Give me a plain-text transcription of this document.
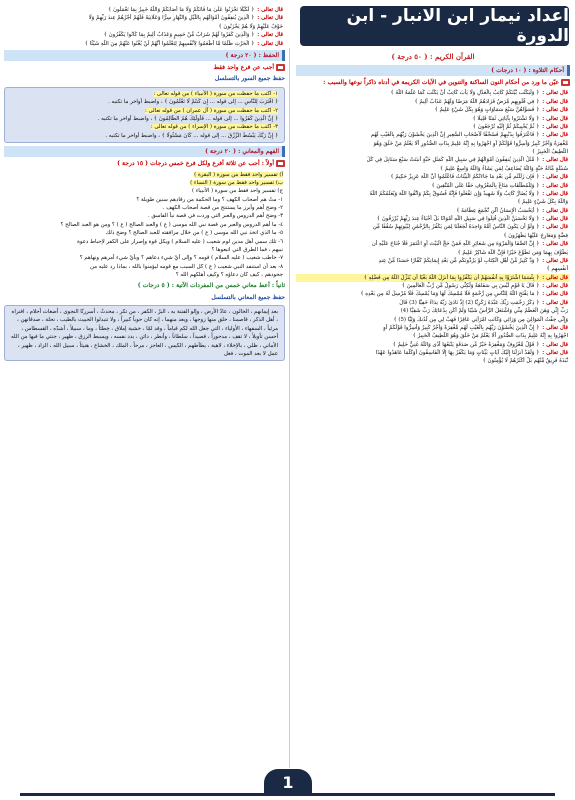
اعداد نيمار ابن الانبار - ابن الدورة
القرآن الكريم : ( ٥٠ درجة )
أحكام التلاوة : ( ١٠ درجات )
عيّن ما ورد من أحكام النون الساكنة والتنوين في الآيات الكريمة في أدناه ذاكراً نوعها والسبب :
قال تعالى :﴿ وَلَيَكْتُب بَّيْنَكُمْ كَاتِبٌ بِالْعَدْلِ وَلَا يَأْبَ كَاتِبٌ أَنْ يَكْتُبَ كَمَا عَلَّمَهُ اللَّهُ ﴾
قال تعالى :﴿ فِي قُلُوبِهِم مَّرَضٌ فَزَادَهُمُ اللَّهُ مَرَضًا وَلَهُمْ عَذَابٌ أَلِيمٌ ﴾
قال تعالى :﴿ فَسَوَّاهُنَّ سَبْعَ سَمَاوَاتٍ وَهُوَ بِكُلِّ شَيْءٍ عَلِيمٌ ﴾
قال تعالى :﴿ وَلَا تَشْتَرُوا بِآيَاتِي ثَمَنًا قَلِيلًا ﴾
قال تعالى :﴿ ثُمَّ يُحْيِيكُمْ ثُمَّ إِلَيْهِ تُرْجَعُونَ ﴾
قال تعالى :﴿ فَاعْتَرَفُوا بِذَنْبِهِمْ فَسُحْقًا لِّأَصْحَابِ السَّعِيرِ إِنَّ الَّذِينَ يَخْشَوْنَ رَبَّهُم بِالْغَيْبِ لَهُم
مَّغْفِرَةٌ وَأَجْرٌ كَبِيرٌ وَأَسِرُّوا قَوْلَكُمْ أَوِ اجْهَرُوا بِهِ إِنَّهُ عَلِيمٌ بِذَاتِ الصُّدُورِ أَلَا يَعْلَمُ مَنْ خَلَقَ وَهُوَ
اللَّطِيفُ الْخَبِيرُ ﴾
قال تعالى :﴿ مَّثَلُ الَّذِينَ يُنفِقُونَ أَمْوَالَهُمْ فِي سَبِيلِ اللَّهِ كَمَثَلِ حَبَّةٍ أَنبَتَتْ سَبْعَ سَنَابِلَ فِي كُلِّ
سُنبُلَةٍ مِّائَةُ حَبَّةٍ وَاللَّهُ يُضَاعِفُ لِمَن يَشَاءُ وَاللَّهُ وَاسِعٌ عَلِيمٌ ﴾
قال تعالى :﴿ فَإِن زَلَلْتُم مِّن بَعْدِ مَا جَاءَتْكُمُ الْبَيِّنَاتُ فَاعْلَمُوا أَنَّ اللَّهَ عَزِيزٌ حَكِيمٌ ﴾
قال تعالى :﴿ وَلِلْمُطَلَّقَاتِ مَتَاعٌ بِالْمَعْرُوفِ حَقًّا عَلَى الْمُتَّقِينَ ﴾
قال تعالى :﴿ وَلَا يُضَارَّ كَاتِبٌ وَلَا شَهِيدٌ وَإِن تَفْعَلُوا فَإِنَّهُ فُسُوقٌ بِكُمْ وَاتَّقُوا اللَّهَ وَيُعَلِّمُكُمُ اللَّهُ
وَاللَّهُ بِكُلِّ شَيْءٍ عَلِيمٌ ﴾
قال تعالى :﴿ أَيَحْسَبُ الْإِنسَانُ أَلَّن نَّجْمَعَ عِظَامَهُ ﴾
قال تعالى :﴿ وَلَا تَحْسَبَنَّ الَّذِينَ قُتِلُوا فِي سَبِيلِ اللَّهِ أَمْوَاتًا بَلْ أَحْيَاءٌ عِندَ رَبِّهِمْ يُرْزَقُونَ ﴾
قال تعالى :﴿ وَلَوْ أَن يَكُونَ النَّاسُ أُمَّةً وَاحِدَةً لَّجَعَلْنَا لِمَن يَكْفُرُ بِالرَّحْمَٰنِ لِبُيُوتِهِمْ سُقُفًا مِّن
فِضَّةٍ وَمَعَارِجَ عَلَيْهَا يَظْهَرُونَ ﴾
قال تعالى :﴿ إِنَّ الصَّفَا وَالْمَرْوَةَ مِن شَعَائِرِ اللَّهِ فَمَنْ حَجَّ الْبَيْتَ أَوِ اعْتَمَرَ فَلَا جُنَاحَ عَلَيْهِ أَن
يَطَّوَّفَ بِهِمَا وَمَن تَطَوَّعَ خَيْرًا فَإِنَّ اللَّهَ شَاكِرٌ عَلِيمٌ ﴾
قال تعالى :﴿ وَدَّ كَثِيرٌ مِّنْ أَهْلِ الْكِتَابِ لَوْ يَرُدُّونَكُم مِّن بَعْدِ إِيمَانِكُمْ كُفَّارًا حَسَدًا مِّنْ عِندِ
أَنفُسِهِم ﴾
قال تعالى :﴿ بِئْسَمَا اشْتَرَوْا بِهِ أَنفُسَهُمْ أَن يَكْفُرُوا بِمَا أَنزَلَ اللَّهُ بَغْيًا أَن يُنَزِّلَ اللَّهُ مِن فَضْلِهِ ﴾
قال تعالى :﴿ قَالَ يَا قَوْمِ لَيْسَ بِي سَفَاهَةٌ وَلَٰكِنِّي رَسُولٌ مِّن رَّبِّ الْعَالَمِينَ ﴾
قال تعالى :﴿ مَا يَفْتَحِ اللَّهُ لِلنَّاسِ مِن رَّحْمَةٍ فَلَا مُمْسِكَ لَهَا وَمَا يُمْسِكْ فَلَا مُرْسِلَ لَهُ مِن بَعْدِهِ ﴾
قال تعالى :﴿ ذِكْرُ رَحْمَتِ رَبِّكَ عَبْدَهُ زَكَرِيَّا (2) إِذْ نَادَىٰ رَبَّهُ نِدَاءً خَفِيًّا (3) قَالَ
رَبِّ إِنِّي وَهَنَ الْعَظْمُ مِنِّي وَاشْتَعَلَ الرَّأْسُ شَيْبًا وَلَمْ أَكُن بِدُعَائِكَ رَبِّ شَقِيًّا (4)
وَإِنِّي خِفْتُ الْمَوَالِيَ مِن وَرَائِي وَكَانَتِ امْرَأَتِي عَاقِرًا فَهَبْ لِي مِن لَّدُنكَ وَلِيًّا (5) ﴾
قال تعالى :﴿ إِنَّ الَّذِينَ يَخْشَوْنَ رَبَّهُم بِالْغَيْبِ لَهُم مَّغْفِرَةٌ وَأَجْرٌ كَبِيرٌ وَأَسِرُّوا قَوْلَكُمْ أَوِ
اجْهَرُوا بِهِ إِنَّهُ عَلِيمٌ بِذَاتِ الصُّدُورِ أَلَا يَعْلَمُ مَنْ خَلَقَ وَهُوَ اللَّطِيفُ الْخَبِيرُ ﴾
قال تعالى :﴿ قَوْلٌ مَّعْرُوفٌ وَمَغْفِرَةٌ خَيْرٌ مِّن صَدَقَةٍ يَتْبَعُهَا أَذًى وَاللَّهُ غَنِيٌّ حَلِيمٌ ﴾
قال تعالى :﴿ وَلَقَدْ أَنزَلْنَا إِلَيْكَ آيَاتٍ بَيِّنَاتٍ وَمَا يَكْفُرُ بِهَا إِلَّا الْفَاسِقُونَ أَوَكُلَّمَا عَاهَدُوا عَهْدًا
نَّبَذَهُ فَرِيقٌ مِّنْهُم بَلْ أَكْثَرُهُمْ لَا يُؤْمِنُونَ ﴾
قال تعالى :﴿ لِّكَيْلَا تَحْزَنُوا عَلَىٰ مَا فَاتَكُمْ وَلَا مَا أَصَابَكُمْ وَاللَّهُ خَبِيرٌ بِمَا تَعْمَلُونَ ﴾
قال تعالى :﴿ الَّذِينَ يُنفِقُونَ أَمْوَالَهُم بِاللَّيْلِ وَالنَّهَارِ سِرًّا وَعَلَانِيَةً فَلَهُمْ أَجْرُهُمْ عِندَ رَبِّهِمْ وَلَا
خَوْفٌ عَلَيْهِمْ وَلَا هُمْ يَحْزَنُونَ ﴾
قال تعالى :﴿ وَالَّذِينَ كَفَرُوا لَهُمْ شَرَابٌ مِّنْ حَمِيمٍ وَعَذَابٌ أَلِيمٌ بِمَا كَانُوا يَكْفُرُونَ ﴾
قال تعالى :﴿ الْحَرْثِ ظُلْمًا مَّا أَطْعَمُوا لِأَنْفُسِهِمْ لِتَعْلَمُوا أَنَّهُمْ لَنْ يُغْنُوا عَنْهُمْ مِنَ اللَّهِ شَيْئًا ﴾
الحفظ : ( ٢٠ درجة )
أجب عن فرع واحد فقط
حفظ جميع السور بالتسلسل
١- اكتب ما حفظت من سورة ( الأنبياء ) من قوله تعالى :
﴿ اقْتَرَبَ لِلنَّاسِ ... إلى قوله ... إِن كُنتُمْ لَا تَعْلَمُونَ ﴾ ، واضبط أواخر ما تكتبه .
٢- اكتب ما حفظت من سورة ( آل عمران ) من قوله تعالى :
﴿ إِنَّ الَّذِينَ كَفَرُوا ... إلى قوله ... فَأُولَٰئِكَ هُمُ الظَّالِمُونَ ﴾ ، واضبط أواخر ما تكتبه .
٣- اكتب ما حفظت من سورة ( الإسراء ) من قوله تعالى :
﴿ إِنَّ رَبَّكَ يَبْسُطُ الرِّزْقَ ... إلى قوله ... كَانَ مَسْئُولًا ﴾ ، واضبط أواخر ما تكتبه .
الفهم والمعاني : ( ٢٠ درجة )
أولاً : أجب عن ثلاثة أفرع ولكل فرع خمس درجات ( ١٥ درجة )
أ) تفسير واحد فقط من سورة ( البقرة )
ب) تفسير واحد فقط من سورة ( النساء )
ج) تفسير واحد فقط من سورة ( الأنبياء )
١- متْ هم أصحاب الكهف ؟ وما الحكمة من رقادهم سنين طويلة ؟
٢- وضح أهم وأبرز ما يستنتج من قصة أصحاب الكهف .
٣- وضح أهم الدروس والعبر التي وردت في قصة نبأ الفاسق .
٤- ما أهم الدروس والعبر من قصة نبي الله موسى ( ع ) والعبد الصالح ( ع ) ؟ ومن هو العبد الصالح ؟
٥- ما الذي اتخذ نبي الله موسى ( ع ) من خلال مرافقته للعبد الصالح ؟ وضح ذلك
٦- تلك سمي أهل مدين لوم شعيب ( عليه السلام ) ويكل قوة وإصرار على الكفر لإحباط دعوة
نبيهم ، فما الطرق التي اتبعوها ؟
٧- خاطب شعيب ( عليه السلام ) قومه ؟ وإلى أيّ شيء دعاهم ؟ وبأيّ شيء أمرهم ونهاهم ؟
٨- بعد أن استنفد النبي شعيب ( ع ) كل السبب مع قومه ليؤمنوا بالله ، بماذا رد عليه من
جحودهم ، كيف كان دعاؤه ؟ وكيف أهلكهم الله ؟
ثانياً : أعط معاني خمس من المفردات الآتية : ( ٥ درجات )
حفظ جميع المعاني بالتسلسل
بعد إيمانهم ، الخالون ، عادٌ الأرض ، وإلو الفتنة به ، البرّ ، الكفر ، من تكر ، محدثٌ ، أسررنّا النجوى ، أضغاث أحلام ، افتراه ، أهل الذكر ، قاصمنا ، خلق منها زوجها ، ويعد منهما ، إنه كان حوباً كبيراً ، ولا تتبدلوا الخبيث بالطيب ، نحلة ، صدقاتهن ، مرئياً ، السفهاء ، الأولياء ، التي جعل الله لكم قياماً ، وقد لمّا ، خشية إملاق ، خِطئاً ، وما ، سبيلاً ، أشدّه ، القسطاس ، أحسن تأويلاً ، لا تقف ، مدحوراً ، قصيداً ، سلطاناً ، وأنطر ، دائن ، بدد نفسه ، ويسبط الرزق ، ظهير ، جنتي ما فيها من الله الأماني ، ظلي ، بالإخلاء ، لاهية ، يطأطهم ، الكيس ، العاجز ، مرحاً ، الملك ، الخشاع ، هنيئاً ، سبيل الله ، الزاد ، ظهير ، عمل لا بعد الموت ، فغل
1
